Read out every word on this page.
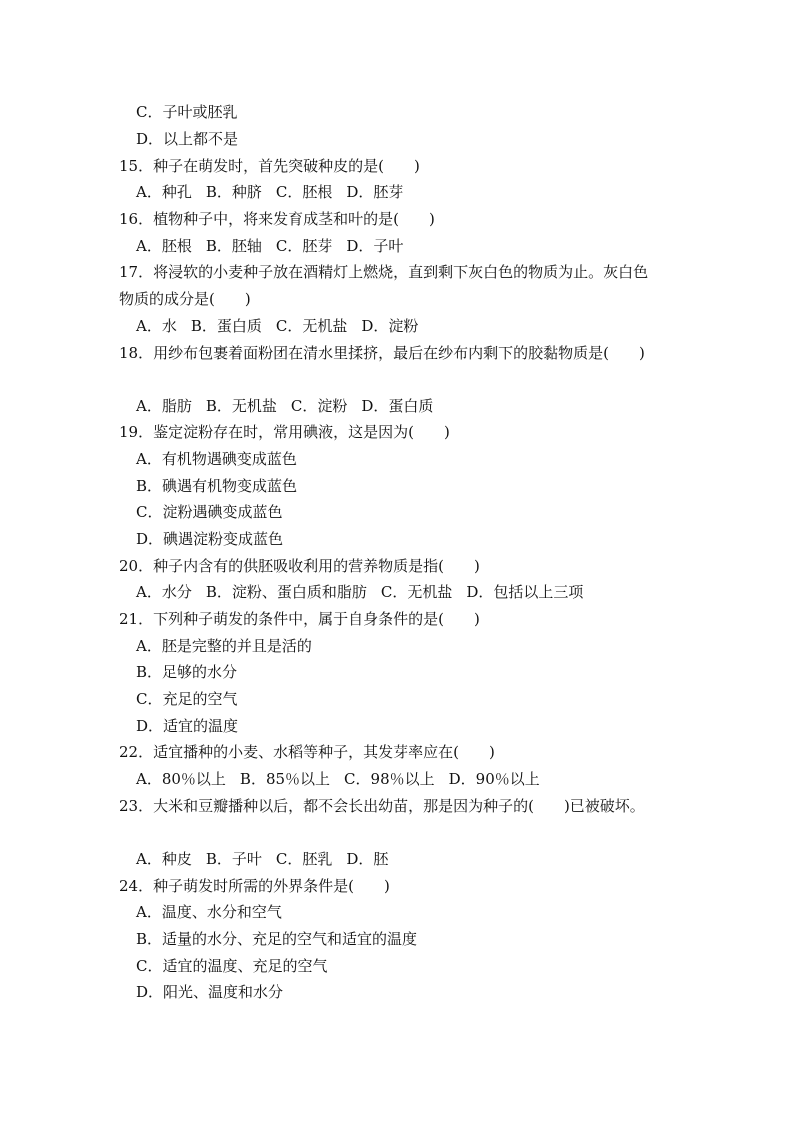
C．子叶或胚乳
D．以上都不是
15．种子在萌发时，首先突破种皮的是(　　)
A．种孔 B．种脐 C．胚根 D．胚芽
16．植物种子中，将来发育成茎和叶的是(　　)
A．胚根 B．胚轴 C．胚芽 D．子叶
17．将浸软的小麦种子放在酒精灯上燃烧，直到剩下灰白色的物质为止。灰白色
物质的成分是(　　)
A．水 B．蛋白质 C．无机盐 D．淀粉
18．用纱布包裹着面粉团在清水里揉挤，最后在纱布内剩下的胶黏物质是(　　)
A．脂肪 B．无机盐 C．淀粉 D．蛋白质
19．鉴定淀粉存在时，常用碘液，这是因为(　　)
A．有机物遇碘变成蓝色
B．碘遇有机物变成蓝色
C．淀粉遇碘变成蓝色
D．碘遇淀粉变成蓝色
20．种子内含有的供胚吸收利用的营养物质是指(　　)
A．水分 B．淀粉、蛋白质和脂肪 C．无机盐 D．包括以上三项
21．下列种子萌发的条件中，属于自身条件的是(　　)
A．胚是完整的并且是活的
B．足够的水分
C．充足的空气
D．适宜的温度
22．适宜播种的小麦、水稻等种子，其发芽率应在(　　)
A．80％以上 B．85％以上 C．98％以上 D．90％以上
23．大米和豆瓣播种以后，都不会长出幼苗，那是因为种子的(　　)已被破坏。
A．种皮 B．子叶 C．胚乳 D．胚
24．种子萌发时所需的外界条件是(　　)
A．温度、水分和空气
B．适量的水分、充足的空气和适宜的温度
C．适宜的温度、充足的空气
D．阳光、温度和水分
